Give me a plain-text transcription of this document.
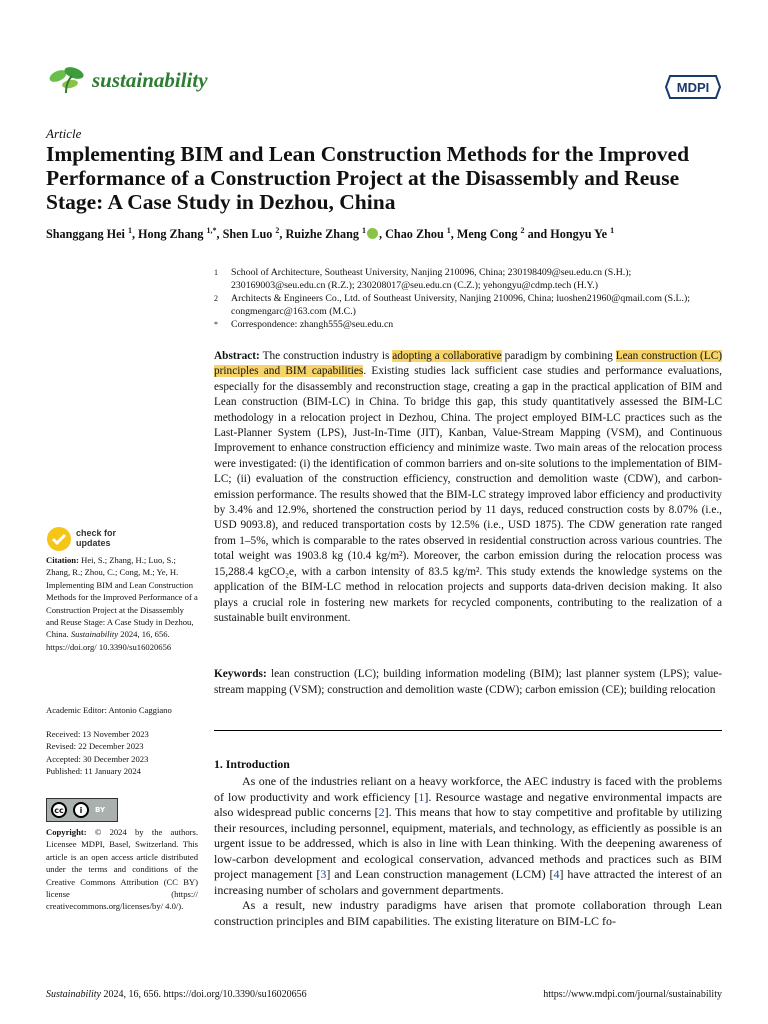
sustainability	MDPI
Article
Implementing BIM and Lean Construction Methods for the Improved Performance of a Construction Project at the Disassembly and Reuse Stage: A Case Study in Dezhou, China
Shanggang Hei $^1$, Hong Zhang $^{1,*}$, Shen Luo $^2$, Ruizhe Zhang $^1$ , Chao Zhou $^1$, Meng Cong $^2$ and Hongyu Ye $^1$
1	School of Architecture, Southeast University, Nanjing 210096, China; 230198409@seu.edu.cn (S.H.); 230169003@seu.edu.cn (R.Z.); 230208017@seu.edu.cn (C.Z.); yehongyu@cdmp.tech (H.Y.)
2	Architects & Engineers Co., Ltd. of Southeast University, Nanjing 210096, China; luoshen21960@qmail.com (S.L.); congmengarc@163.com (M.C.)
*	Correspondence: zhangh555@seu.edu.cn
Abstract: The construction industry is adopting a collaborative paradigm by combining Lean construction (LC) principles and BIM capabilities. Existing studies lack sufficient case studies and performance evaluations, especially for the disassembly and reconstruction stage, creating a gap in the practical application of BIM and Lean construction (BIM-LC) in China. To bridge this gap, this study quantitatively assessed the BIM-LC methodology in a relocation project in Dezhou, China. The project employed BIM-LC practices such as the Last-Planner System (LPS), Just-In-Time (JIT), Kanban, Value-Stream Mapping (VSM), and Continuous Improvement to enhance construction efficiency and minimize waste. Two main areas of the relocation process were investigated: (i) the identification of common barriers and on-site solutions to the implementation of BIM-LC; (ii) evaluation of the construction efficiency, construction and demolition waste (CDW), and carbon-emission performance. The results showed that the BIM-LC strategy improved labor efficiency and productivity by 3.4% and 12.9%, shortened the construction period by 11 days, reduced construction costs by 8.07% (i.e., USD 9093.8), and reduced transportation costs by 12.5% (i.e., USD 1875). The CDW generation rate ranged from 1–5%, which is comparable to the rates observed in residential construction across various countries. The total weight was 1903.8 kg (10.4 kg/m²). Moreover, the carbon emission during the relocation process was 15,288.4 kgCO₂e, with a carbon intensity of 83.5 kg/m². This study extends the knowledge systems on the application of the BIM-LC method in relocation projects and supports data-driven decision making. It also plays a crucial role in fostering new markets for recycled components, contributing to the realization of a sustainable built environment.
Keywords: lean construction (LC); building information modeling (BIM); last planner system (LPS); value-stream mapping (VSM); construction and demolition waste (CDW); carbon emission (CE); building relocation
1. Introduction

As one of the industries reliant on a heavy workforce, the AEC industry is faced with the problems of low productivity and work efficiency [1]. Resource wastage and negative environmental impacts are also widespread public concerns [2]. This means that how to stay competitive and profitable by utilizing their resources, including personnel, equipment, materials, and technology, as efficiently as possible is an urgent issue to be addressed, which is also in line with Lean thinking. With the deepening awareness of low-carbon development and ecological conservation, advanced methods and practices such as BIM project management [3] and Lean construction management (LCM) [4] have attracted the interest of an increasing number of scholars and government departments.

As a result, new industry paradigms have arisen that promote collaboration through Lean construction principles and BIM capabilities. The existing literature on BIM-LC fo-

check for updates
Citation: Hei, S.; Zhang, H.; Luo, S.; Zhang, R.; Zhou, C.; Cong, M.; Ye, H. Implementing BIM and Lean Construction Methods for the Improved Performance of a Construction Project at the Disassembly and Reuse Stage: A Case Study in Dezhou, China. Sustainability 2024, 16, 656. https://doi.org/ 10.3390/su16020656
Academic Editor: Antonio Caggiano
Received: 13 November 2023
Revised: 22 December 2023
Accepted: 30 December 2023
Published: 11 January 2024
cc	i	BY
Copyright: © 2024 by the authors. Licensee MDPI, Basel, Switzerland. This article is an open access article distributed under the terms and conditions of the Creative Commons Attribution (CC BY) license (https:// creativecommons.org/licenses/by/ 4.0/).
Sustainability 2024, 16, 656. https://doi.org/10.3390/su16020656	https://www.mdpi.com/journal/sustainability
